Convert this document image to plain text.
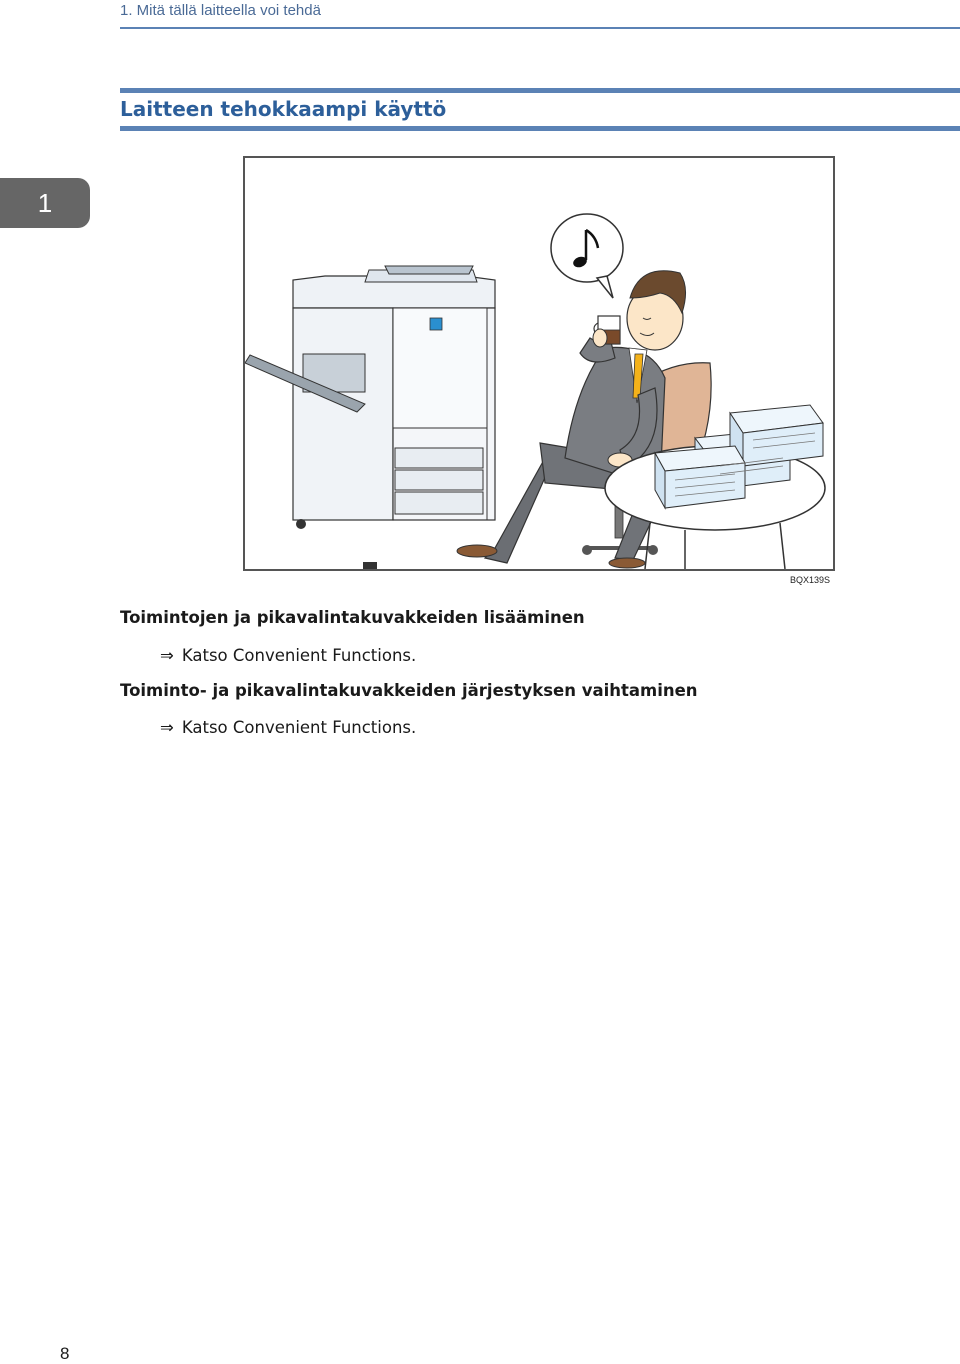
1. Mitä tällä laitteella voi tehdä
Laitteen tehokkaampi käyttö
1
BQX139S
Toimintojen ja pikavalintakuvakkeiden lisääminen
⇒ Katso Convenient Functions.
Toiminto- ja pikavalintakuvakkeiden järjestyksen vaihtaminen
⇒ Katso Convenient Functions.
8
